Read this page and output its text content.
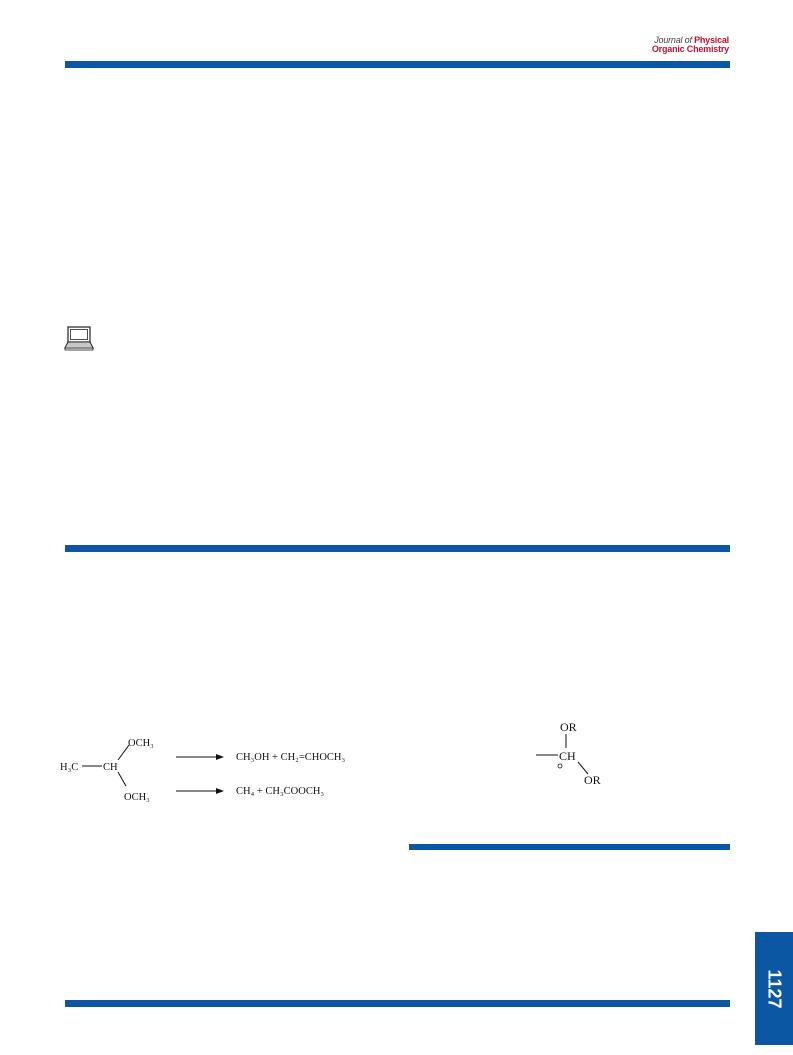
Journal of Physical
Organic Chemistry
OCH₃
H₃C CH
OCH₃
CH₃OH + CH₂=CHOCH₃
CH₄ + CH₃COOCH₃
OR
CH
OR
1127
